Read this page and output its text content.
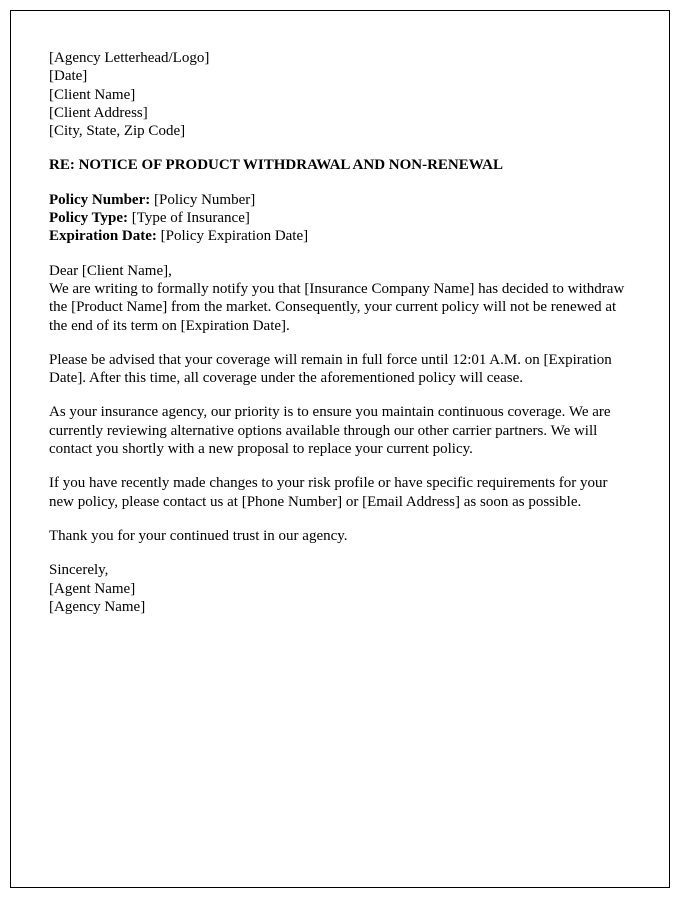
[Agency Letterhead/Logo]

[Date]

[Client Name]

[Client Address]

[City, State, Zip Code]

RE: NOTICE OF PRODUCT WITHDRAWAL AND NON-RENEWAL

Policy Number: [Policy Number]

Policy Type: [Type of Insurance]

Expiration Date: [Policy Expiration Date]

Dear [Client Name],

We are writing to formally notify you that [Insurance Company Name] has decided to withdraw the [Product Name] from the market. Consequently, your current policy will not be renewed at the end of its term on [Expiration Date].

Please be advised that your coverage will remain in full force until 12:01 A.M. on [Expiration Date]. After this time, all coverage under the aforementioned policy will cease.

As your insurance agency, our priority is to ensure you maintain continuous coverage. We are currently reviewing alternative options available through our other carrier partners. We will contact you shortly with a new proposal to replace your current policy.

If you have recently made changes to your risk profile or have specific requirements for your new policy, please contact us at [Phone Number] or [Email Address] as soon as possible.

Thank you for your continued trust in our agency.

Sincerely,

[Agent Name]

[Agency Name]
